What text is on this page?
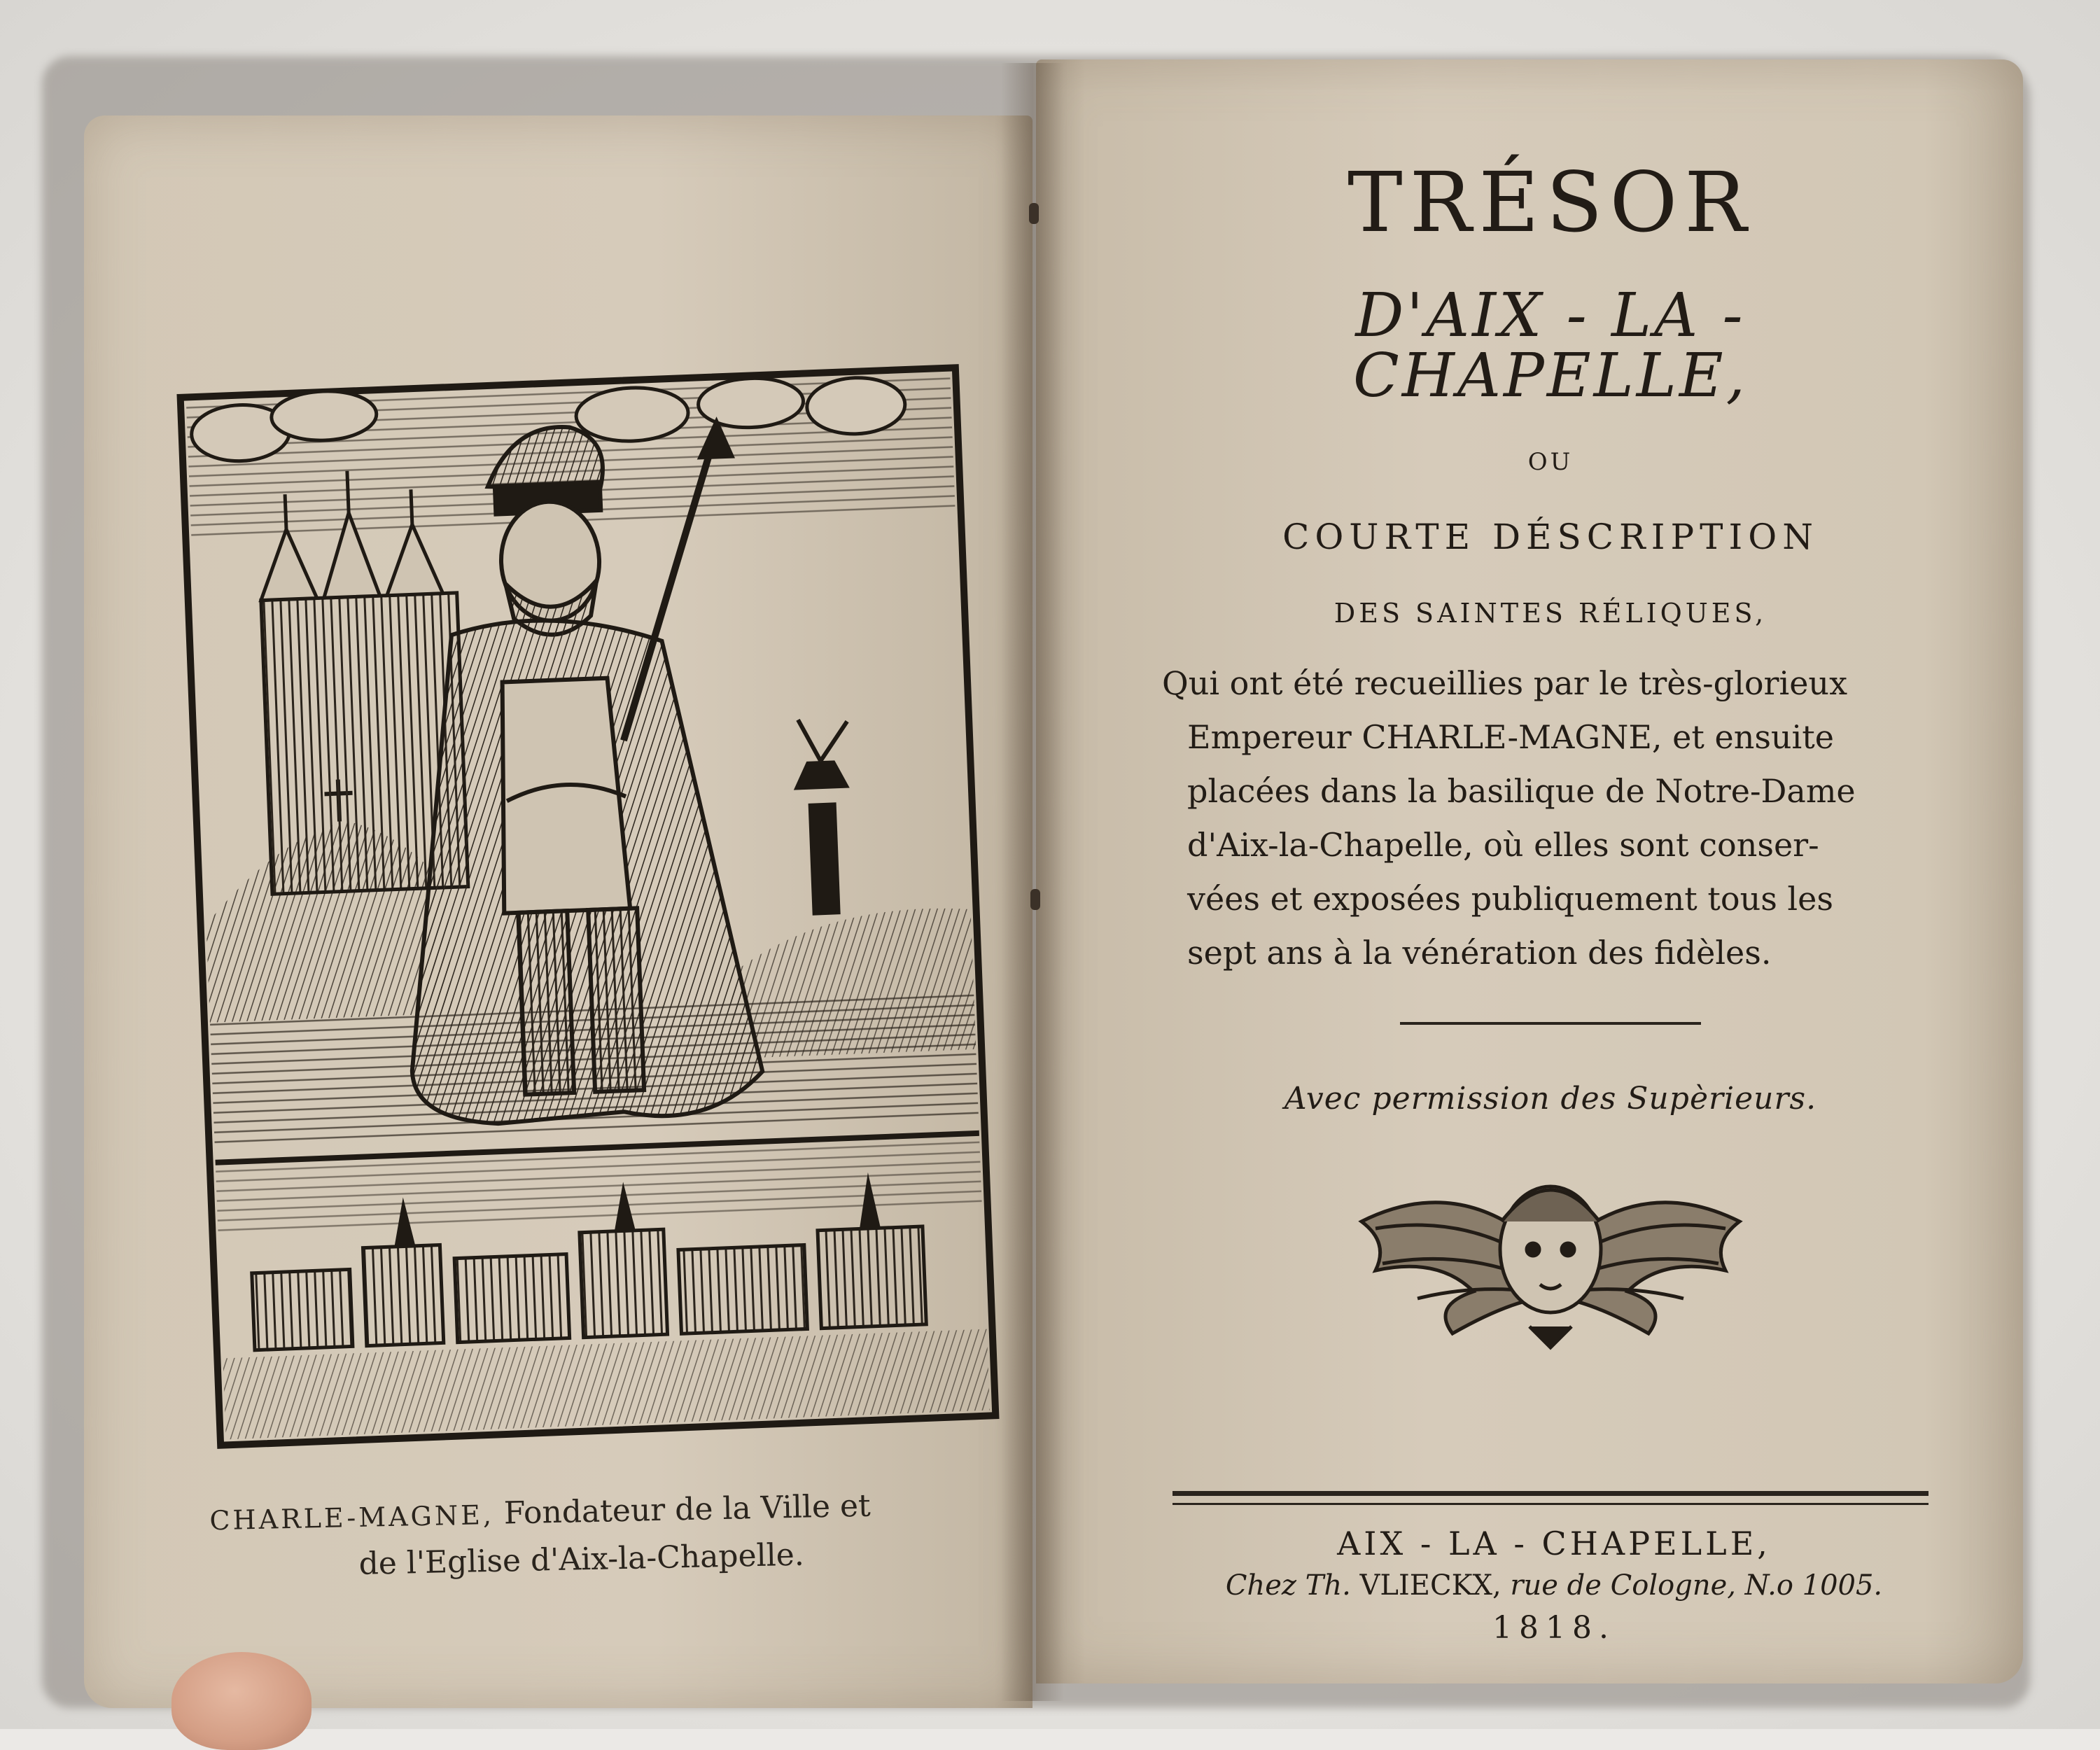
CHARLE-MAGNE, Fondateur de la Ville et
de l'Eglise d'Aix-la-Chapelle.
TRÉSOR
D'AIX - LA - CHAPELLE,
OU
COURTE DÉSCRIPTION
DES SAINTES RÉLIQUES,
Qui ont été recueillies par le très-glorieux
Empereur CHARLE-MAGNE, et ensuite
placées dans la basilique de Notre-Dame
d'Aix-la-Chapelle, où elles sont conser-
vées et exposées publiquement tous les
sept ans à la vénération des fidèles.
Avec permission des Supèrieurs.
AIX - LA - CHAPELLE,
Chez Th. VLIECKX, rue de Cologne, N.o 1005.
1818.
